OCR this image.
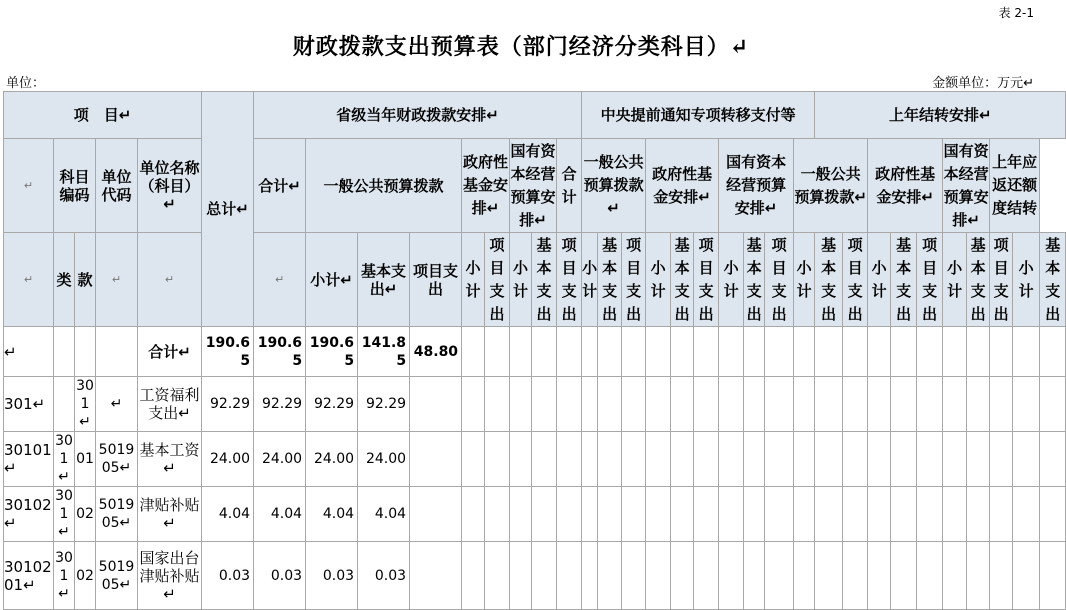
表 2-1
财政拨款支出预算表（部门经济分类科目）↵
单位：	金额单位：万元↵
项　目↵					总计↵	省级当年财政拨款安排↵									中央提前通知专项转移支付等										上年结转安排↵										
↵	科目编码		单位代码	单位名称（科目）↵		合计↵	一般公共预算拨款			政府性基金安排↵		国有资本经营预算安排↵		合计	一般公共预算拨款↵			政府性基金安排↵			国有资本经营预算安排↵			一般公共预算拨款↵			政府性基金安排↵			国有资本经营预算安排↵		上年应返还额度结转			
↵	类	款	↵	↵		↵	小计↵	基本支出↵	项目支出	小计	项目支出	小计	基本支出	项目支出	小计	基本支出	项目支出	小计	基本支出	项目支出	小计	基本支出	项目支出	小计	基本支出	项目支出	小计	基本支出	项目支出	小计	基本支出	项目支出	小计	基本支出	
↵				合计↵	190.65	190.65	190.65	141.85	48.80																										
301↵		301↵	↵	工资福利支出↵	92.29	92.29	92.29	92.29																											
30101↵	301↵	01	501905↵	基本工资↵	24.00	24.00	24.00	24.00																											
30102↵	301↵	02	501905↵	津贴补贴↵	4.04	4.04	4.04	4.04																											
3010201↵	301↵	02	501905↵	国家出台津贴补贴↵	0.03	0.03	0.03	0.03																											
